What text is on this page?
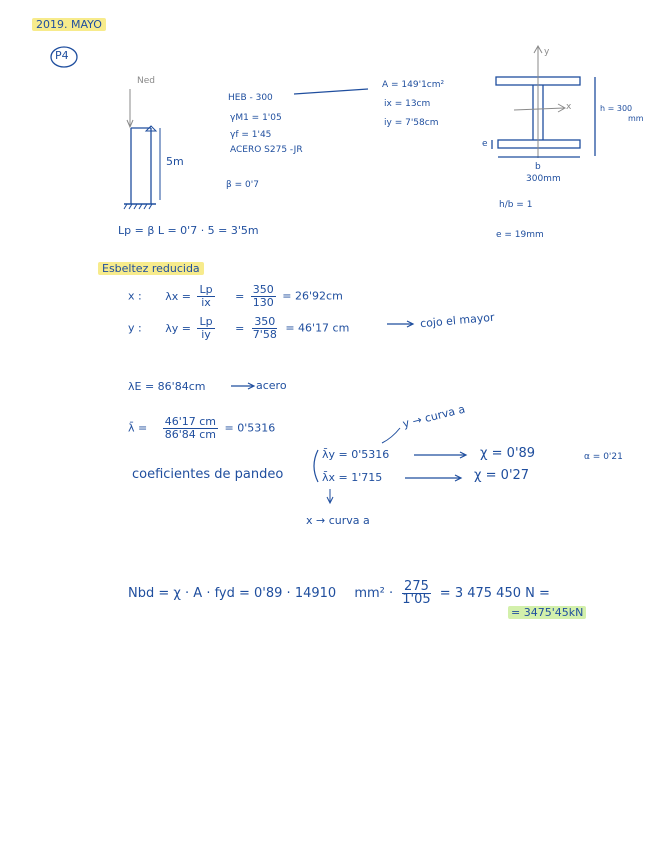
2019. MAYO
P4
Ned
5m
HEB - 300
γM1 = 1'05
γf = 1'45
ACERO S275 -JR
β = 0'7
A = 149'1cm²
ix = 13cm
iy = 7'58cm
y
x
e
h = 300
mm
b
300mm
h/b = 1
e = 19mm
Lp = β L = 0'7 · 5 = 3'5m
Esbeltez reducida
x : $\lambda x = \frac{Lp}{ix} = \frac{350}{130} = 26'92cm$
y : $\lambda y = \frac{Lp}{iy} = \frac{350}{7'58} = 46'17$ cm	cojo el mayor
λE = 86'84cm	acero
λ̄ = $\frac{46'17 cm}{86'84 cm} = 0'5316$	y → curva a
coeficientes de pandeo
λ̄y = 0'5316
λ̄x = 1'715
χ = 0'89
χ = 0'27
α = 0'21
x → curva a
Nbd = χ · A · fyd = 0'89 · 14910 $mm^2 \cdot \frac{275}{1'05} = 3$ 475 450 N =
= 3475'45kN
